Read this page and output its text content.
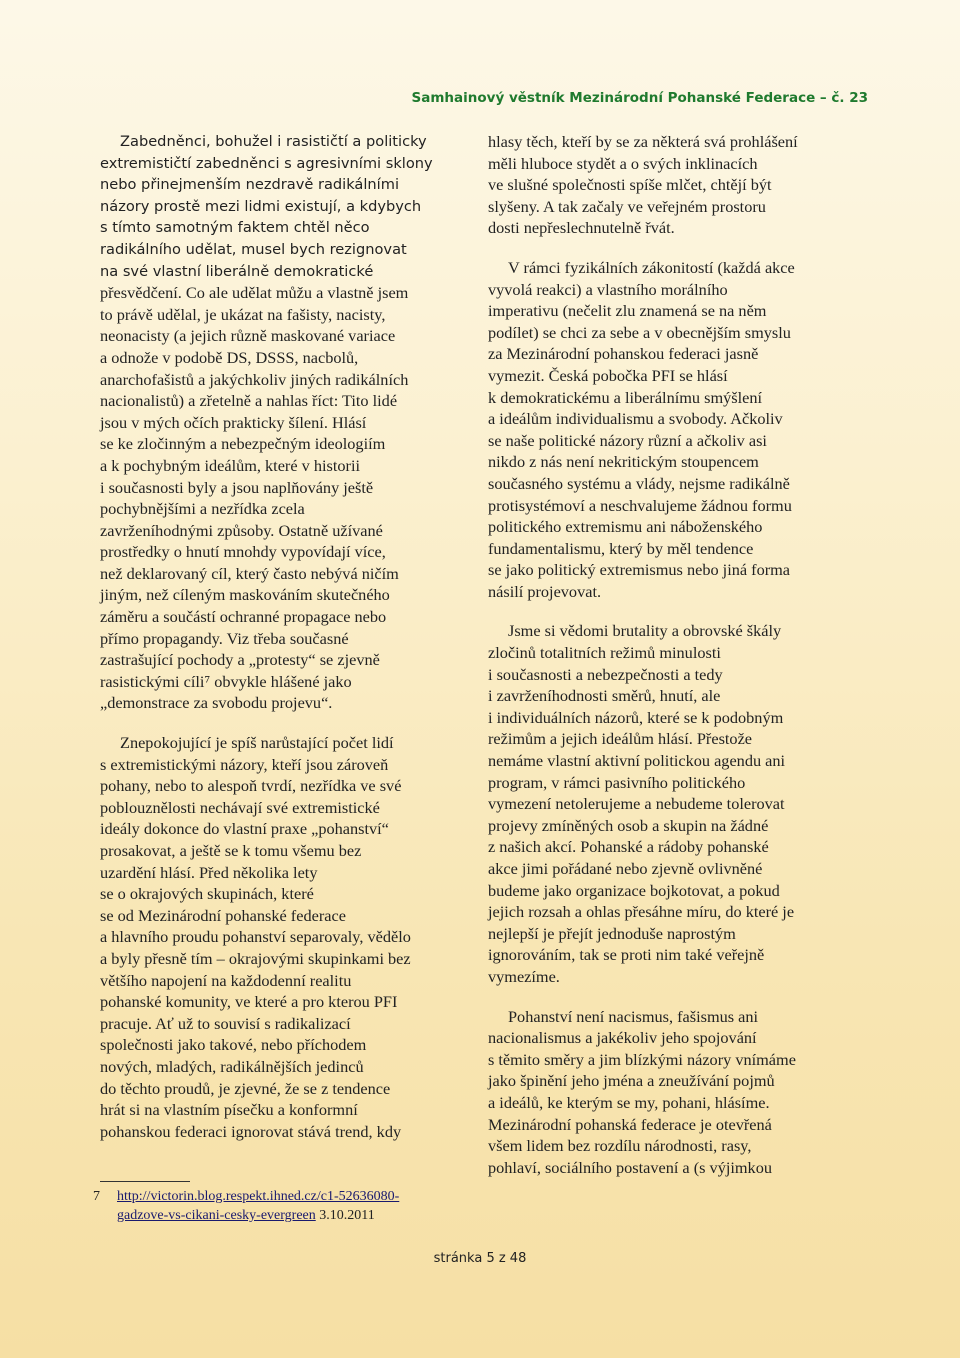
Samhainový věstník Mezinárodní Pohanské Federace – č. 23

Zabedněnci, bohužel i rasističtí a politicky

extremističtí zabedněnci s agresivními sklony

nebo přinejmenším nezdravě radikálními

názory prostě mezi lidmi existují, a kdybych

s tímto samotným faktem chtěl něco

radikálního udělat, musel bych rezignovat

na své vlastní liberálně demokratické

přesvědčení. Co ale udělat můžu a vlastně jsem

to právě udělal, je ukázat na fašisty, nacisty,

neonacisty (a jejich různě maskované variace

a odnože v podobě DS, DSSS, nacbolů,

anarchofašistů a jakýchkoliv jiných radikálních

nacionalistů) a zřetelně a nahlas říct: Tito lidé

jsou v mých očích prakticky šílení. Hlásí

se ke zločinným a nebezpečným ideologiím

a k pochybným ideálům, které v historii

i současnosti byly a jsou naplňovány ještě

pochybnějšími a nezřídka zcela

zavrženíhodnými způsoby. Ostatně užívané

prostředky o hnutí mnohdy vypovídají více,

než deklarovaný cíl, který často nebývá ničím

jiným, než cíleným maskováním skutečného

záměru a součástí ochranné propagace nebo

přímo propagandy. Viz třeba současné

zastrašující pochody a „protesty“ se zjevně

rasistickými cíli⁷ obvykle hlášené jako

„demonstrace za svobodu projevu“.

Znepokojující je spíš narůstající počet lidí

s extremistickými názory, kteří jsou zároveň

pohany, nebo to alespoň tvrdí, nezřídka ve své

poblouznělosti nechávají své extremistické

ideály dokonce do vlastní praxe „pohanství“

prosakovat, a ještě se k tomu všemu bez

uzardění hlásí. Před několika lety

se o okrajových skupinách, které

se od Mezinárodní pohanské federace

a hlavního proudu pohanství separovaly, vědělo

a byly přesně tím – okrajovými skupinkami bez

většího napojení na každodenní realitu

pohanské komunity, ve které a pro kterou PFI

pracuje. Ať už to souvisí s radikalizací

společnosti jako takové, nebo příchodem

nových, mladých, radikálnějších jedinců

do těchto proudů, je zjevné, že se z tendence

hrát si na vlastním písečku a konformní

pohanskou federaci ignorovat stává trend, kdy

hlasy těch, kteří by se za některá svá prohlášení

měli hluboce stydět a o svých inklinacích

ve slušné společnosti spíše mlčet, chtějí být

slyšeny. A tak začaly ve veřejném prostoru

dosti nepřeslechnutelně řvát.

V rámci fyzikálních zákonitostí (každá akce

vyvolá reakci) a vlastního morálního

imperativu (nečelit zlu znamená se na něm

podílet) se chci za sebe a v obecnějším smyslu

za Mezinárodní pohanskou federaci jasně

vymezit. Česká pobočka PFI se hlásí

k demokratickému a liberálnímu smýšlení

a ideálům individualismu a svobody. Ačkoliv

se naše politické názory různí a ačkoliv asi

nikdo z nás není nekritickým stoupencem

současného systému a vlády, nejsme radikálně

protisystémoví a neschvalujeme žádnou formu

politického extremismu ani náboženského

fundamentalismu, který by měl tendence

se jako politický extremismus nebo jiná forma

násilí projevovat.

Jsme si vědomi brutality a obrovské škály

zločinů totalitních režimů minulosti

i současnosti a nebezpečnosti a tedy

i zavrženíhodnosti směrů, hnutí, ale

i individuálních názorů, které se k podobným

režimům a jejich ideálům hlásí. Přestože

nemáme vlastní aktivní politickou agendu ani

program, v rámci pasivního politického

vymezení netolerujeme a nebudeme tolerovat

projevy zmíněných osob a skupin na žádné

z našich akcí. Pohanské a rádoby pohanské

akce jimi pořádané nebo zjevně ovlivněné

budeme jako organizace bojkotovat, a pokud

jejich rozsah a ohlas přesáhne míru, do které je

nejlepší je přejít jednoduše naprostým

ignorováním, tak se proti nim také veřejně

vymezíme.

Pohanství není nacismus, fašismus ani

nacionalismus a jakékoliv jeho spojování

s těmito směry a jim blízkými názory vnímáme

jako špinění jeho jména a zneužívání pojmů

a ideálů, ke kterým se my, pohani, hlásíme.

Mezinárodní pohanská federace je otevřená

všem lidem bez rozdílu národnosti, rasy,

pohlaví, sociálního postavení a (s výjimkou

7 http://victorin.blog.respekt.ihned.cz/c1-52636080-
gadzove-vs-cikani-cesky-evergreen 3.10.2011
stránka 5 z 48
